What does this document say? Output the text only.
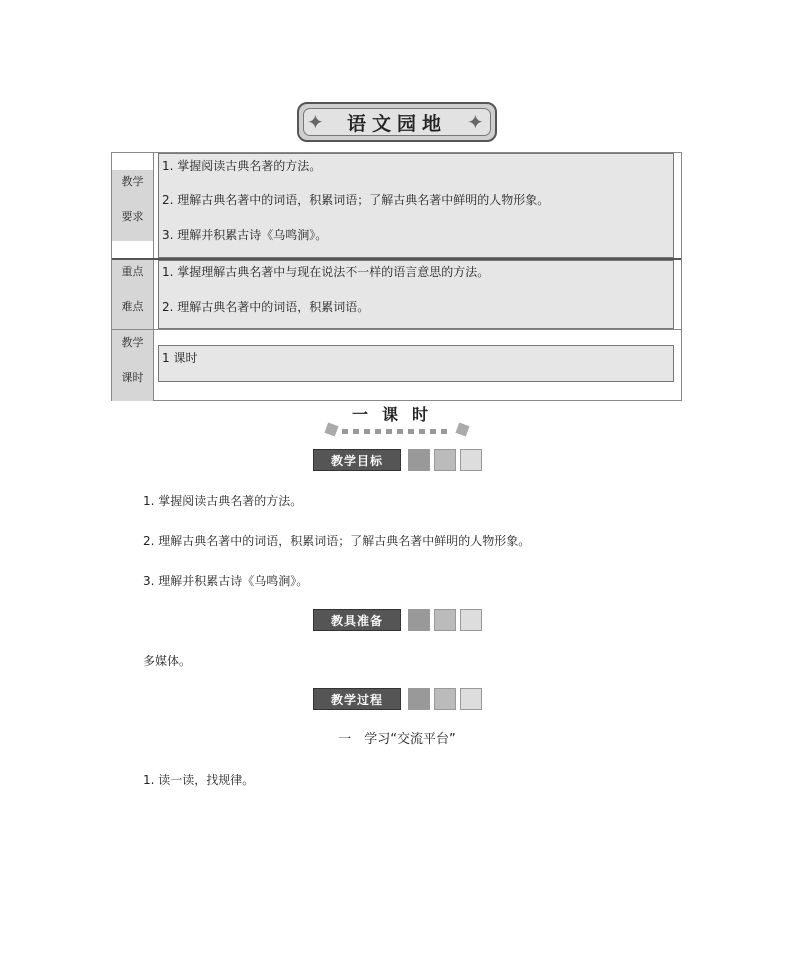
✦ 语文园地 ✦
教学
要求
1. 掌握阅读古典名著的方法。
2. 理解古典名著中的词语，积累词语；了解古典名著中鲜明的人物形象。
3. 理解并积累古诗《乌鸣涧》。
重点
难点
1. 掌握理解古典名著中与现在说法不一样的语言意思的方法。
2. 理解古典名著中的词语，积累词语。
教学
课时
1 课时
一课时
教学目标
1. 掌握阅读古典名著的方法。
2. 理解古典名著中的词语，积累词语；了解古典名著中鲜明的人物形象。
3. 理解并积累古诗《乌鸣涧》。
教具准备
多媒体。
教学过程
一　学习“交流平台”
1. 读一读，找规律。
